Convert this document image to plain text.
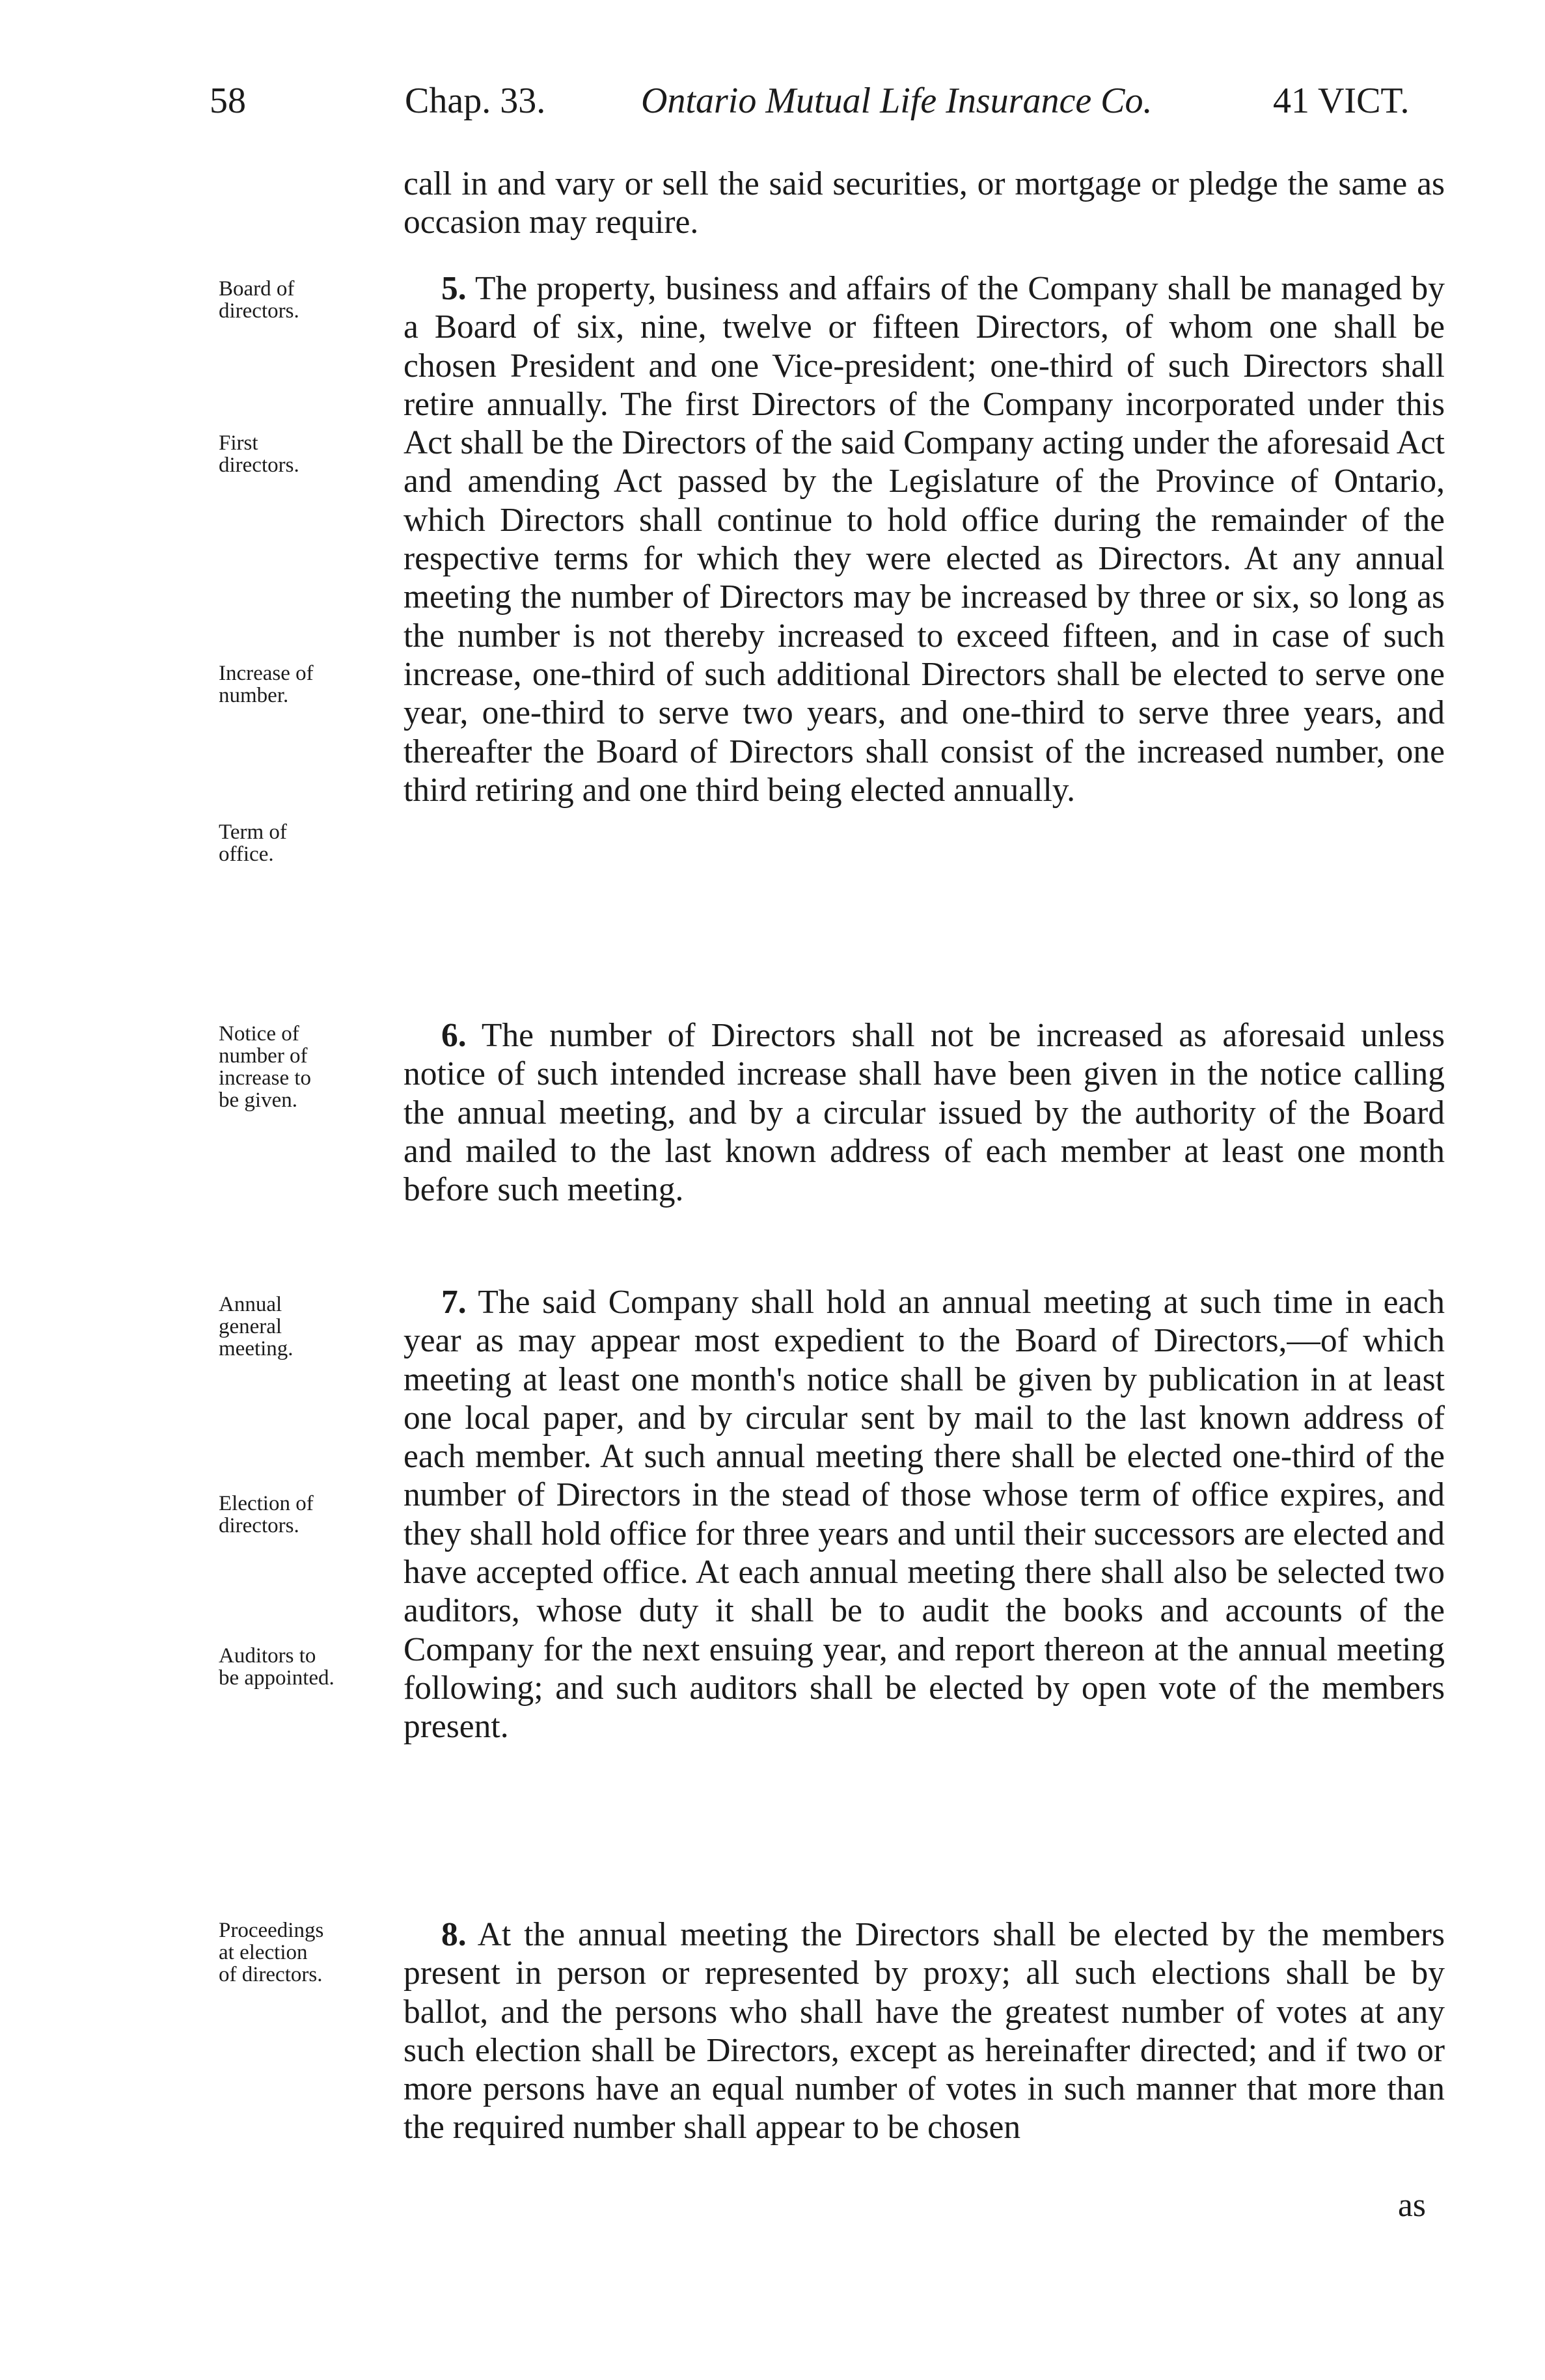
58	Chap. 33.	Ontario Mutual Life Insurance Co.	41 VICT.

call in and vary or sell the said securities, or mortgage or pledge the same as occasion may require.

5. The property, business and affairs of the Company shall be managed by a Board of six, nine, twelve or fifteen Directors, of whom one shall be chosen President and one Vice-president; one-third of such Directors shall retire annually. The first Directors of the Company incorporated under this Act shall be the Directors of the said Company acting under the aforesaid Act and amending Act passed by the Legislature of the Province of Ontario, which Directors shall continue to hold office during the remainder of the respective terms for which they were elected as Directors. At any annual meeting the number of Directors may be increased by three or six, so long as the number is not thereby increased to exceed fifteen, and in case of such increase, one-third of such additional Directors shall be elected to serve one year, one-third to serve two years, and one-third to serve three years, and thereafter the Board of Directors shall consist of the increased number, one third retiring and one third being elected annually.

6. The number of Directors shall not be increased as aforesaid unless notice of such intended increase shall have been given in the notice calling the annual meeting, and by a circular issued by the authority of the Board and mailed to the last known address of each member at least one month before such meeting.

7. The said Company shall hold an annual meeting at such time in each year as may appear most expedient to the Board of Directors,—of which meeting at least one month's notice shall be given by publication in at least one local paper, and by circular sent by mail to the last known address of each member. At such annual meeting there shall be elected one-third of the number of Directors in the stead of those whose term of office expires, and they shall hold office for three years and until their successors are elected and have accepted office. At each annual meeting there shall also be selected two auditors, whose duty it shall be to audit the books and accounts of the Company for the next ensuing year, and report thereon at the annual meeting following; and such auditors shall be elected by open vote of the members present.

8. At the annual meeting the Directors shall be elected by the members present in person or represented by proxy; all such elections shall be by ballot, and the persons who shall have the greatest number of votes at any such election shall be Directors, except as hereinafter directed; and if two or more persons have an equal number of votes in such manner that more than the required number shall appear to be chosen

as
Board of
directors.
First
directors.
Increase of
number.
Term of
office.
Notice of
number of
increase to
be given.
Annual
general
meeting.
Election of
directors.
Auditors to
be appointed.
Proceedings
at election
of directors.
